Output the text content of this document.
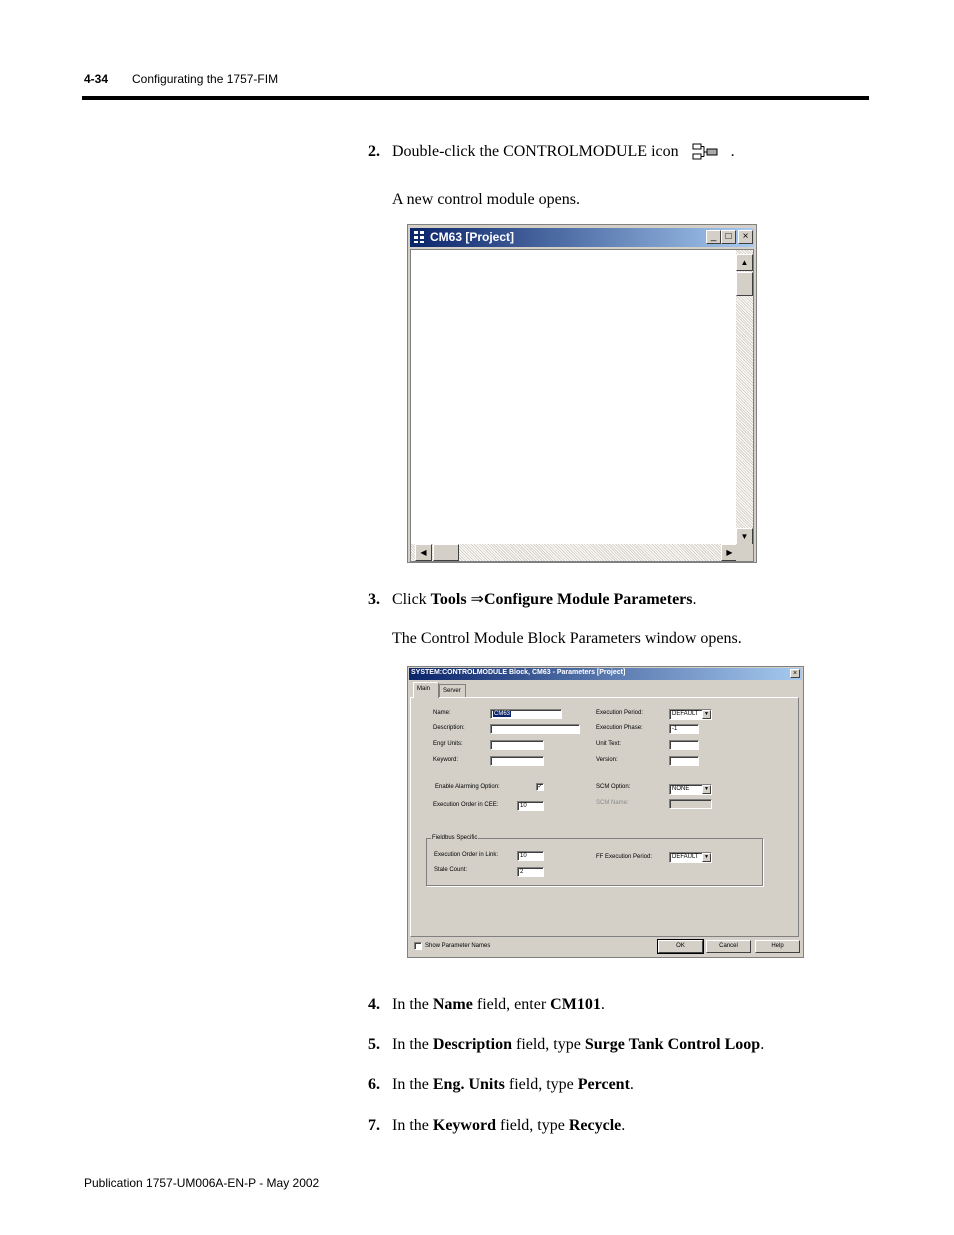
4-34 Configurating the 1757-FIM
2. Double-click the CONTROLMODULE icon	.
A new control module opens.
CM63 [Project]	_ □	×
▲
▼
◀	▶
3. Click Tools ⇒Configure Module Parameters.
The Control Module Block Parameters window opens.
SYSTEM:CONTROLMODULE Block, CM63 - Parameters [Project]	×
Main	Server
Name:	CM63
Description:
Engr Units:
Keyword:
Enable Alarming Option:	✓
Execution Order in CEE:	10
Execution Period:	DEFAULT	▼
Execution Phase:	-1
Unit Text:
Version:
SCM Option:	NONE	▼
SCM Name:
Fieldbus Specific
Execution Order in Link:	10
Stale Count:	2
FF Execution Period:	DEFAULT	▼
Show Parameter Names	OK	Cancel	Help
4. In the Name field, enter CM101.
5. In the Description field, type Surge Tank Control Loop.
6. In the Eng. Units field, type Percent.
7. In the Keyword field, type Recycle.
Publication 1757-UM006A-EN-P - May 2002
